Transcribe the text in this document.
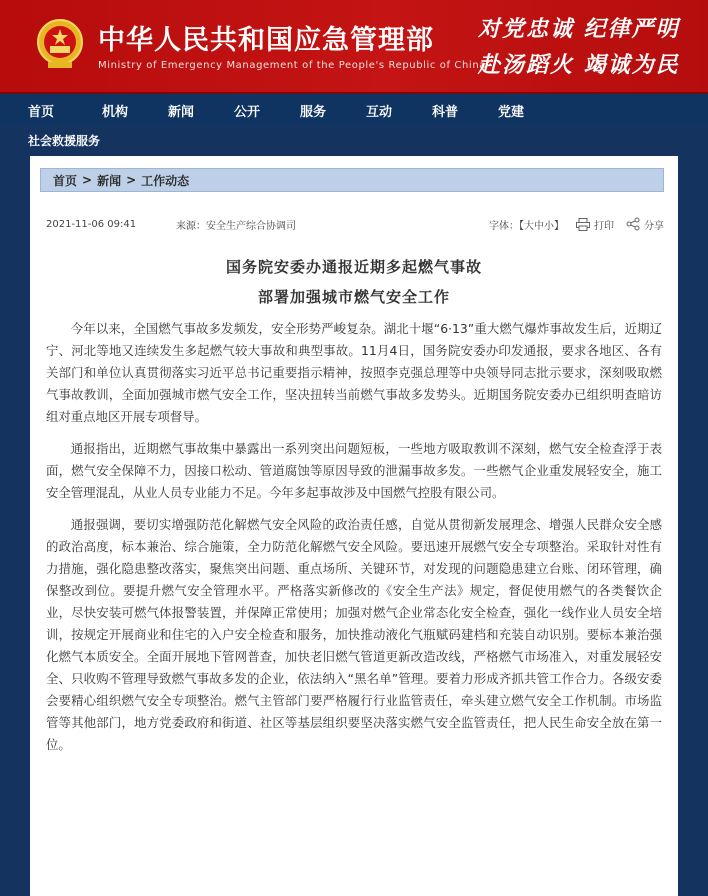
中华人民共和国应急管理部
Ministry of Emergency Management of the People's Republic of China
对党忠诚 纪律严明
赴汤蹈火 竭诚为民
首页	机构	新闻	公开	服务	互动	科普	党建
社会救援服务
首页 > 新闻 > 工作动态
2021-11-06 09:41	来源：安全生产综合协调司	字体：【大中小】	打印	分享
国务院安委办通报近期多起燃气事故
部署加强城市燃气安全工作

今年以来，全国燃气事故多发频发，安全形势严峻复杂。湖北十堰“6·13”重大燃气爆炸事故发生后，近期辽宁、河北等地又连续发生多起燃气较大事故和典型事故。11月4日，国务院安委办印发通报，要求各地区、各有关部门和单位认真贯彻落实习近平总书记重要指示精神，按照李克强总理等中央领导同志批示要求，深刻吸取燃气事故教训，全面加强城市燃气安全工作，坚决扭转当前燃气事故多发势头。近期国务院安委办已组织明查暗访组对重点地区开展专项督导。

通报指出，近期燃气事故集中暴露出一系列突出问题短板，一些地方吸取教训不深刻，燃气安全检查浮于表面，燃气安全保障不力，因接口松动、管道腐蚀等原因导致的泄漏事故多发。一些燃气企业重发展轻安全，施工安全管理混乱，从业人员专业能力不足。今年多起事故涉及中国燃气控股有限公司。

通报强调，要切实增强防范化解燃气安全风险的政治责任感，自觉从贯彻新发展理念、增强人民群众安全感的政治高度，标本兼治、综合施策，全力防范化解燃气安全风险。要迅速开展燃气安全专项整治。采取针对性有力措施，强化隐患整改落实，聚焦突出问题、重点场所、关键环节，对发现的问题隐患建立台账、闭环管理，确保整改到位。要提升燃气安全管理水平。严格落实新修改的《安全生产法》规定，督促使用燃气的各类餐饮企业，尽快安装可燃气体报警装置，并保障正常使用；加强对燃气企业常态化安全检查，强化一线作业人员安全培训，按规定开展商业和住宅的入户安全检查和服务，加快推动液化气瓶赋码建档和充装自动识别。要标本兼治强化燃气本质安全。全面开展地下管网普查，加快老旧燃气管道更新改造改线，严格燃气市场准入，对重发展轻安全、只收购不管理导致燃气事故多发的企业，依法纳入“黑名单”管理。要着力形成齐抓共管工作合力。各级安委会要精心组织燃气安全专项整治。燃气主管部门要严格履行行业监管责任，牵头建立燃气安全工作机制。市场监管等其他部门，地方党委政府和街道、社区等基层组织要坚决落实燃气安全监管责任，把人民生命安全放在第一位。
